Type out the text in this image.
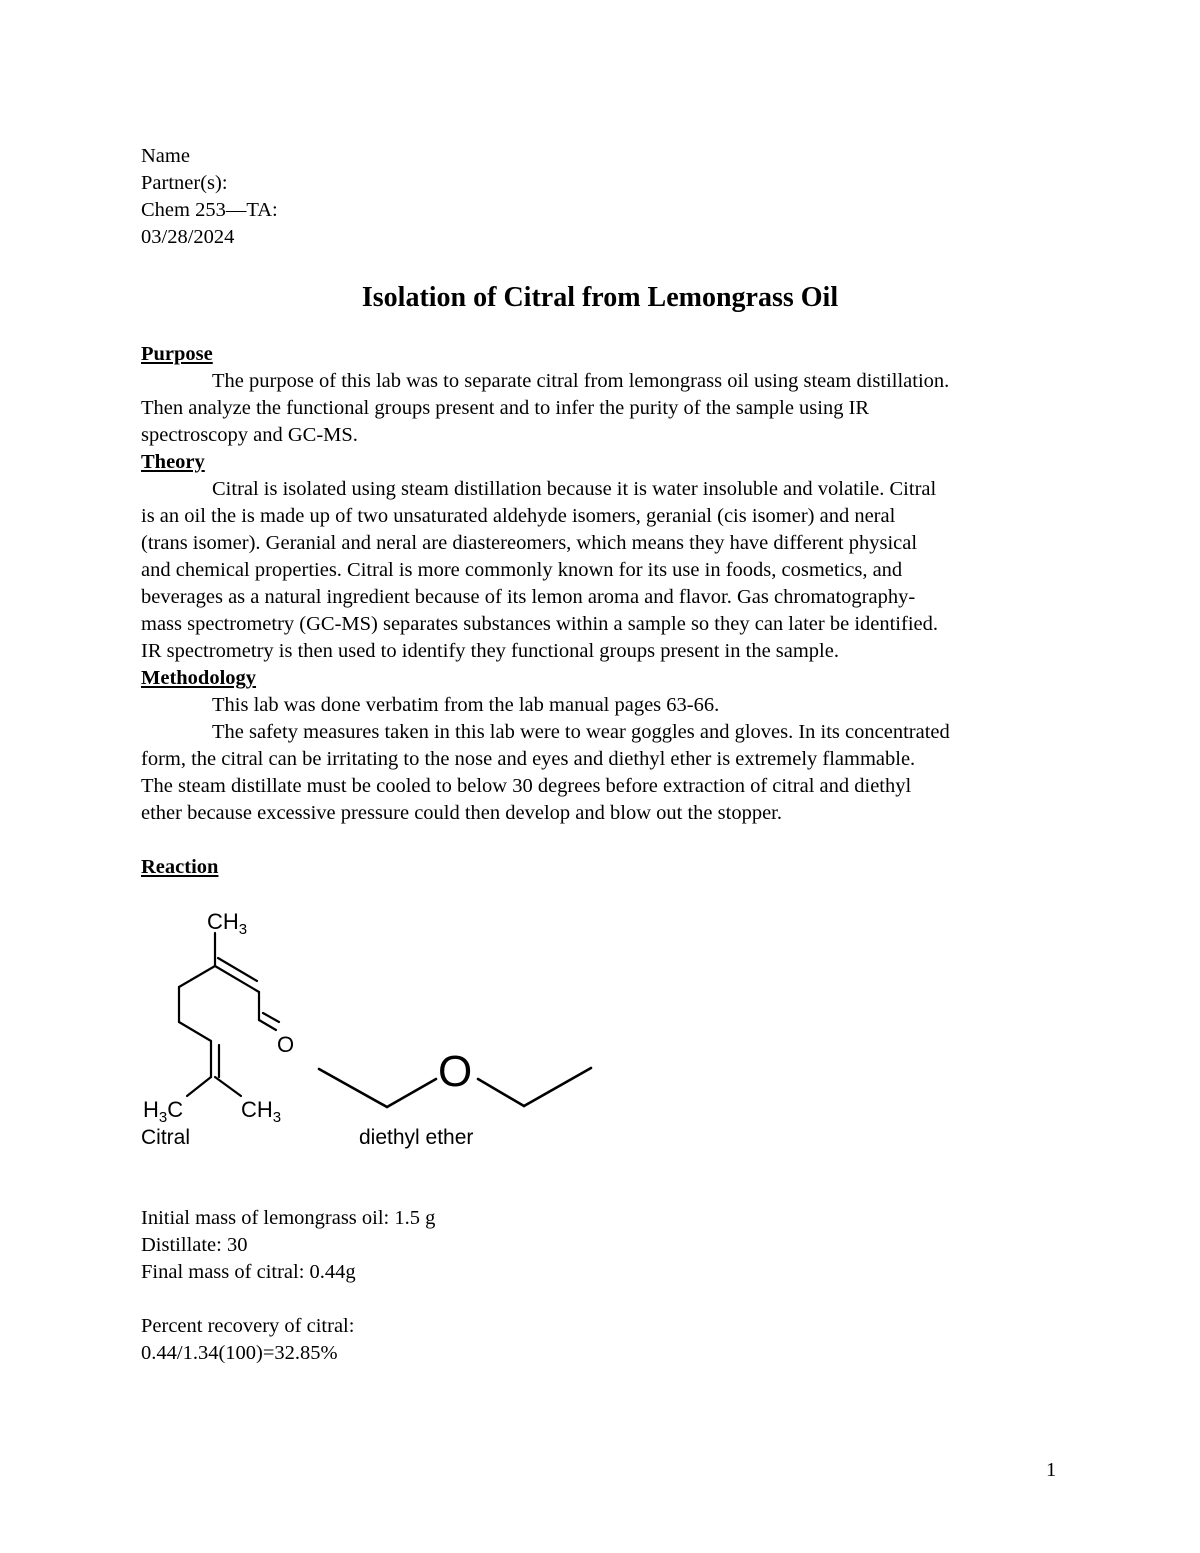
Name
Partner(s):
Chem 253—TA:
03/28/2024
Isolation of Citral from Lemongrass Oil
Purpose
The purpose of this lab was to separate citral from lemongrass oil using steam distillation.
Then analyze the functional groups present and to infer the purity of the sample using IR
spectroscopy and GC-MS.
Theory
Citral is isolated using steam distillation because it is water insoluble and volatile. Citral
is an oil the is made up of two unsaturated aldehyde isomers, geranial (cis isomer) and neral
(trans isomer). Geranial and neral are diastereomers, which means they have different physical
and chemical properties. Citral is more commonly known for its use in foods, cosmetics, and
beverages as a natural ingredient because of its lemon aroma and flavor. Gas chromatography-
mass spectrometry (GC-MS) separates substances within a sample so they can later be identified.
IR spectrometry is then used to identify they functional groups present in the sample.
Methodology
This lab was done verbatim from the lab manual pages 63-66.
The safety measures taken in this lab were to wear goggles and gloves. In its concentrated
form, the citral can be irritating to the nose and eyes and diethyl ether is extremely flammable.
The steam distillate must be cooled to below 30 degrees before extraction of citral and diethyl
ether because excessive pressure could then develop and blow out the stopper.
Reaction
$CH_3$
O
$H_3C$	$CH_3$
O
Citral	diethyl ether
Initial mass of lemongrass oil: 1.5 g
Distillate: 30
Final mass of citral: 0.44g
Percent recovery of citral:
0.44/1.34(100)=32.85%
1
